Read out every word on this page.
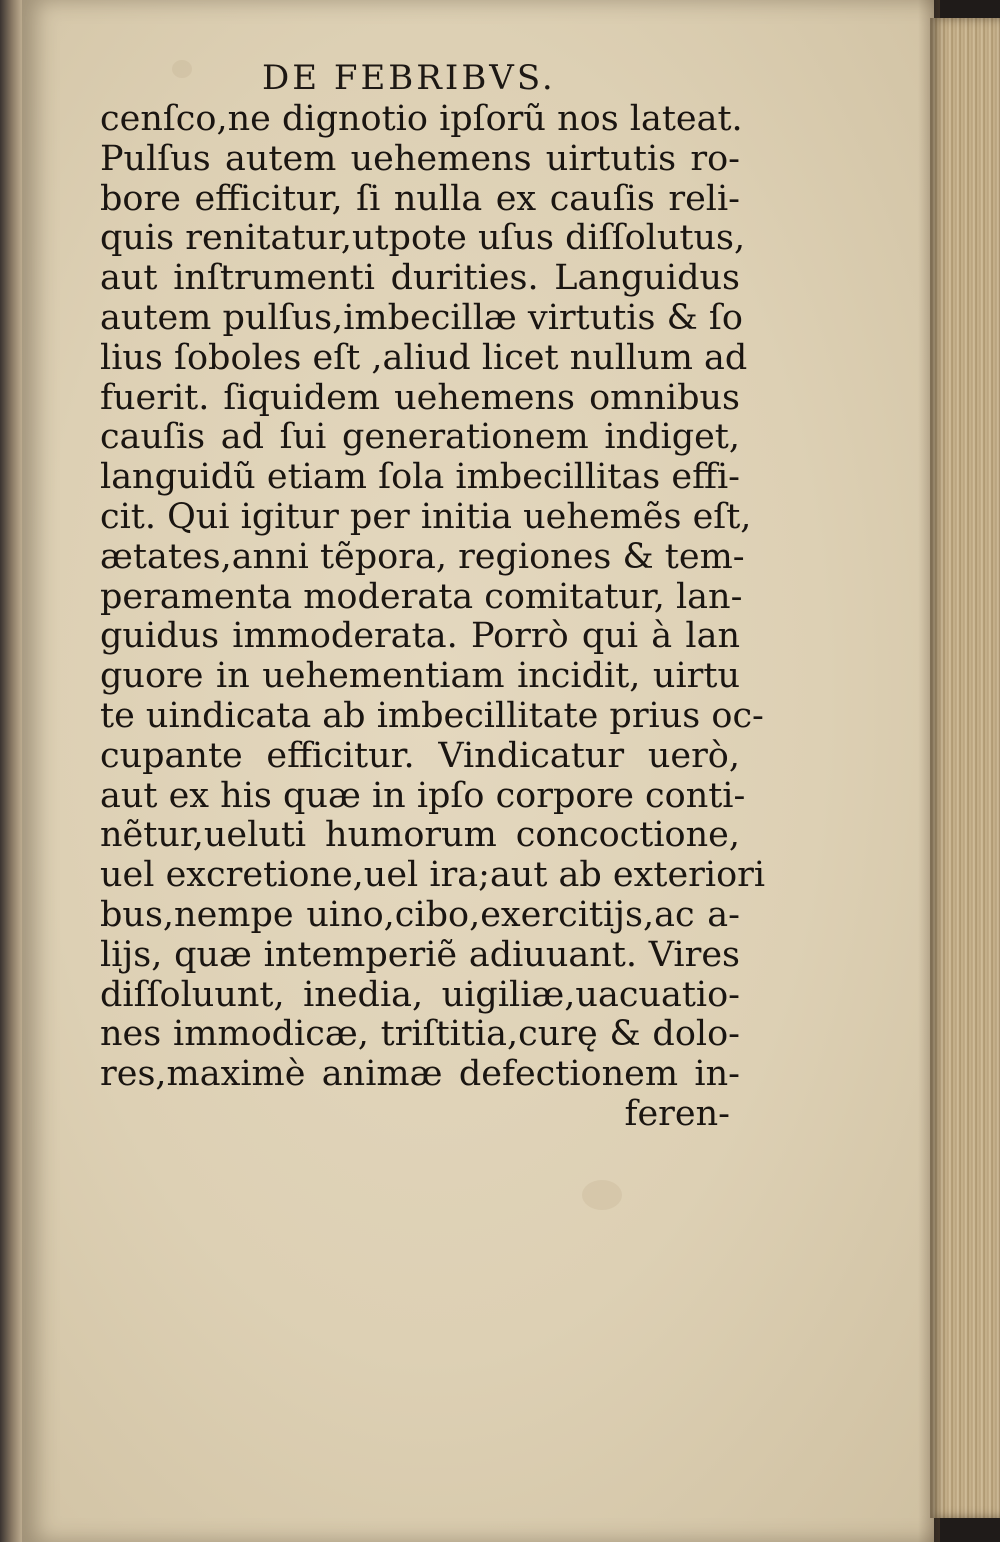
DE FEBRIBVS.
cenſco,ne dignotio ipſorũ nos lateat.
Pulſus autem uehemens uirtutis ro-
bore efficitur, ſi nulla ex cauſis reli-
quis renitatur,utpote uſus diſſolutus,
aut inſtrumenti durities. Languidus
autem pulſus,imbecillæ virtutis & ſo
lius ſoboles eſt ,aliud licet nullum ad
fuerit. ſiquidem uehemens omnibus
cauſis ad ſui generationem indiget,
languidũ etiam ſola imbecillitas effi-
cit. Qui igitur per initia uehemẽs eſt,
ætates,anni tẽpora, regiones & tem-
peramenta moderata comitatur, lan-
guidus immoderata. Porrò qui à lan
guore in uehementiam incidit, uirtu
te uindicata ab imbecillitate prius oc-
cupante efficitur. Vindicatur uerò,
aut ex his quæ in ipſo corpore conti-
nẽtur,ueluti humorum concoctione,
uel excretione,uel ira;aut ab exteriori
bus,nempe uino,cibo,exercitijs,ac a-
lijs, quæ intemperiẽ adiuuant. Vires
diſſoluunt, inedia, uigiliæ,uacuatio-
nes immodicæ, triſtitia,curę & dolo-
res,maximè animæ defectionem in-
feren-
